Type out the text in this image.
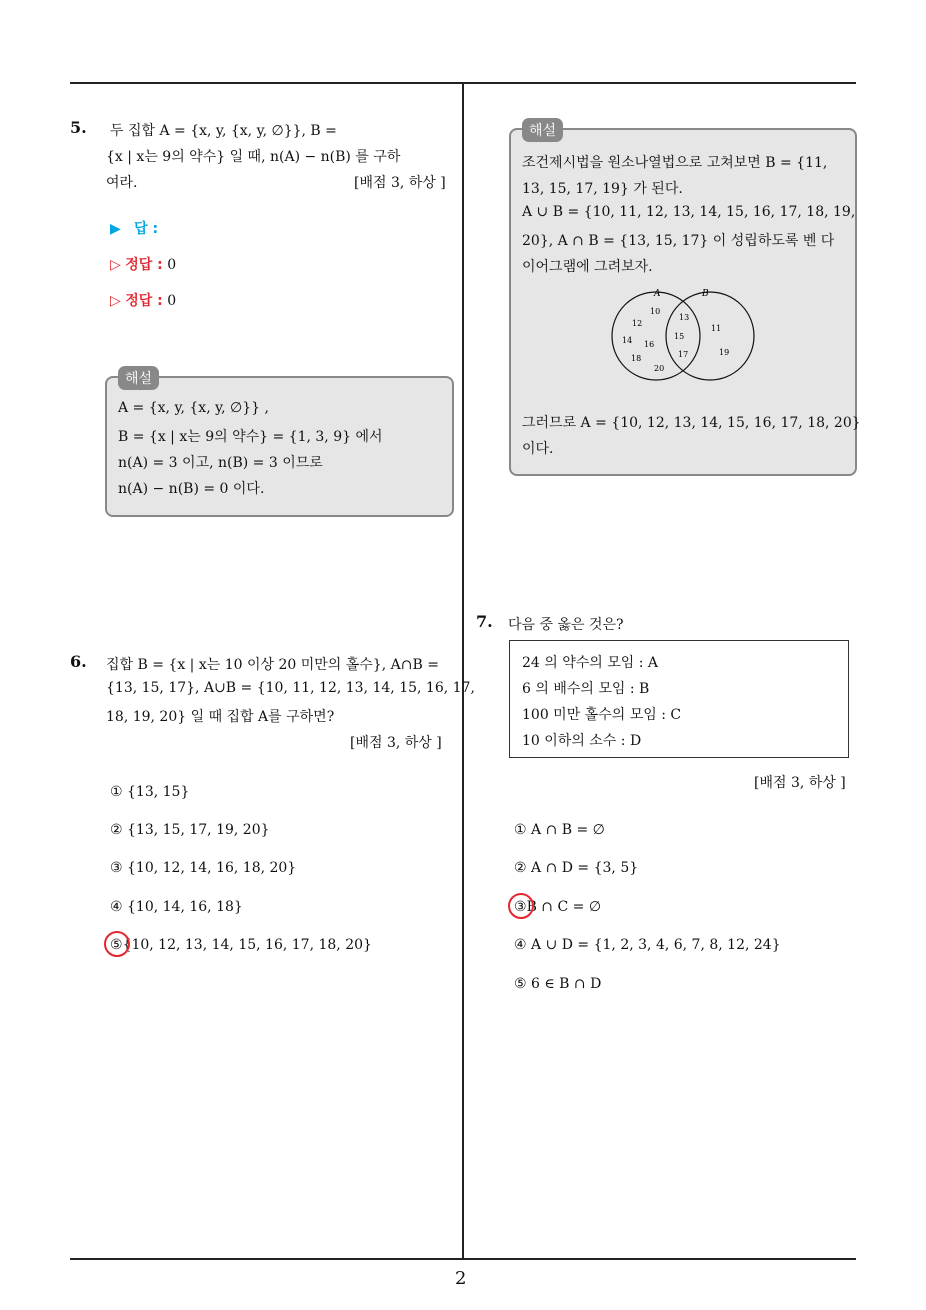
2
5. 두 집합 A = {x, y, {x, y, ∅}}, B =
{x | x는 9의 약수} 일 때, n(A) − n(B) 를 구하
여라.	[배점 3, 하상 ]
▶ 답 :
▷ 정답 : 0
▷ 정답 : 0
해설
A = {x, y, {x, y, ∅}} ,
B = {x | x는 9의 약수} = {1, 3, 9} 에서
n(A) = 3 이고, n(B) = 3 이므로
n(A) − n(B) = 0 이다.
6. 집합 B = {x | x는 10 이상 20 미만의 홀수}, A∩B =
{13, 15, 17}, A∪B = {10, 11, 12, 13, 14, 15, 16, 17,
18, 19, 20} 일 때 집합 A를 구하면?
[배점 3, 하상 ]
① {13, 15}
② {13, 15, 17, 19, 20}
③ {10, 12, 14, 16, 18, 20}
④ {10, 14, 16, 18}
⑤{10, 12, 13, 14, 15, 16, 17, 18, 20}
해설
조건제시법을 원소나열법으로 고쳐보면 B = {11,
13, 15, 17, 19} 가 된다.
A ∪ B = {10, 11, 12, 13, 14, 15, 16, 17, 18, 19,
20}, A ∩ B = {13, 15, 17} 이 성립하도록 벤 다
이어그램에 그려보자.
A	B
10
12
14 16
18
20
13
15
17
11
19
그러므로 A = {10, 12, 13, 14, 15, 16, 17, 18, 20}
이다.
7. 다음 중 옳은 것은?
24 의 약수의 모임 : A
6 의 배수의 모임 : B
100 미만 홀수의 모임 : C
10 이하의 소수 : D
[배점 3, 하상 ]
① A ∩ B = ∅
② A ∩ D = {3, 5}
③B ∩ C = ∅
④ A ∪ D = {1, 2, 3, 4, 6, 7, 8, 12, 24}
⑤ 6 ∈ B ∩ D
